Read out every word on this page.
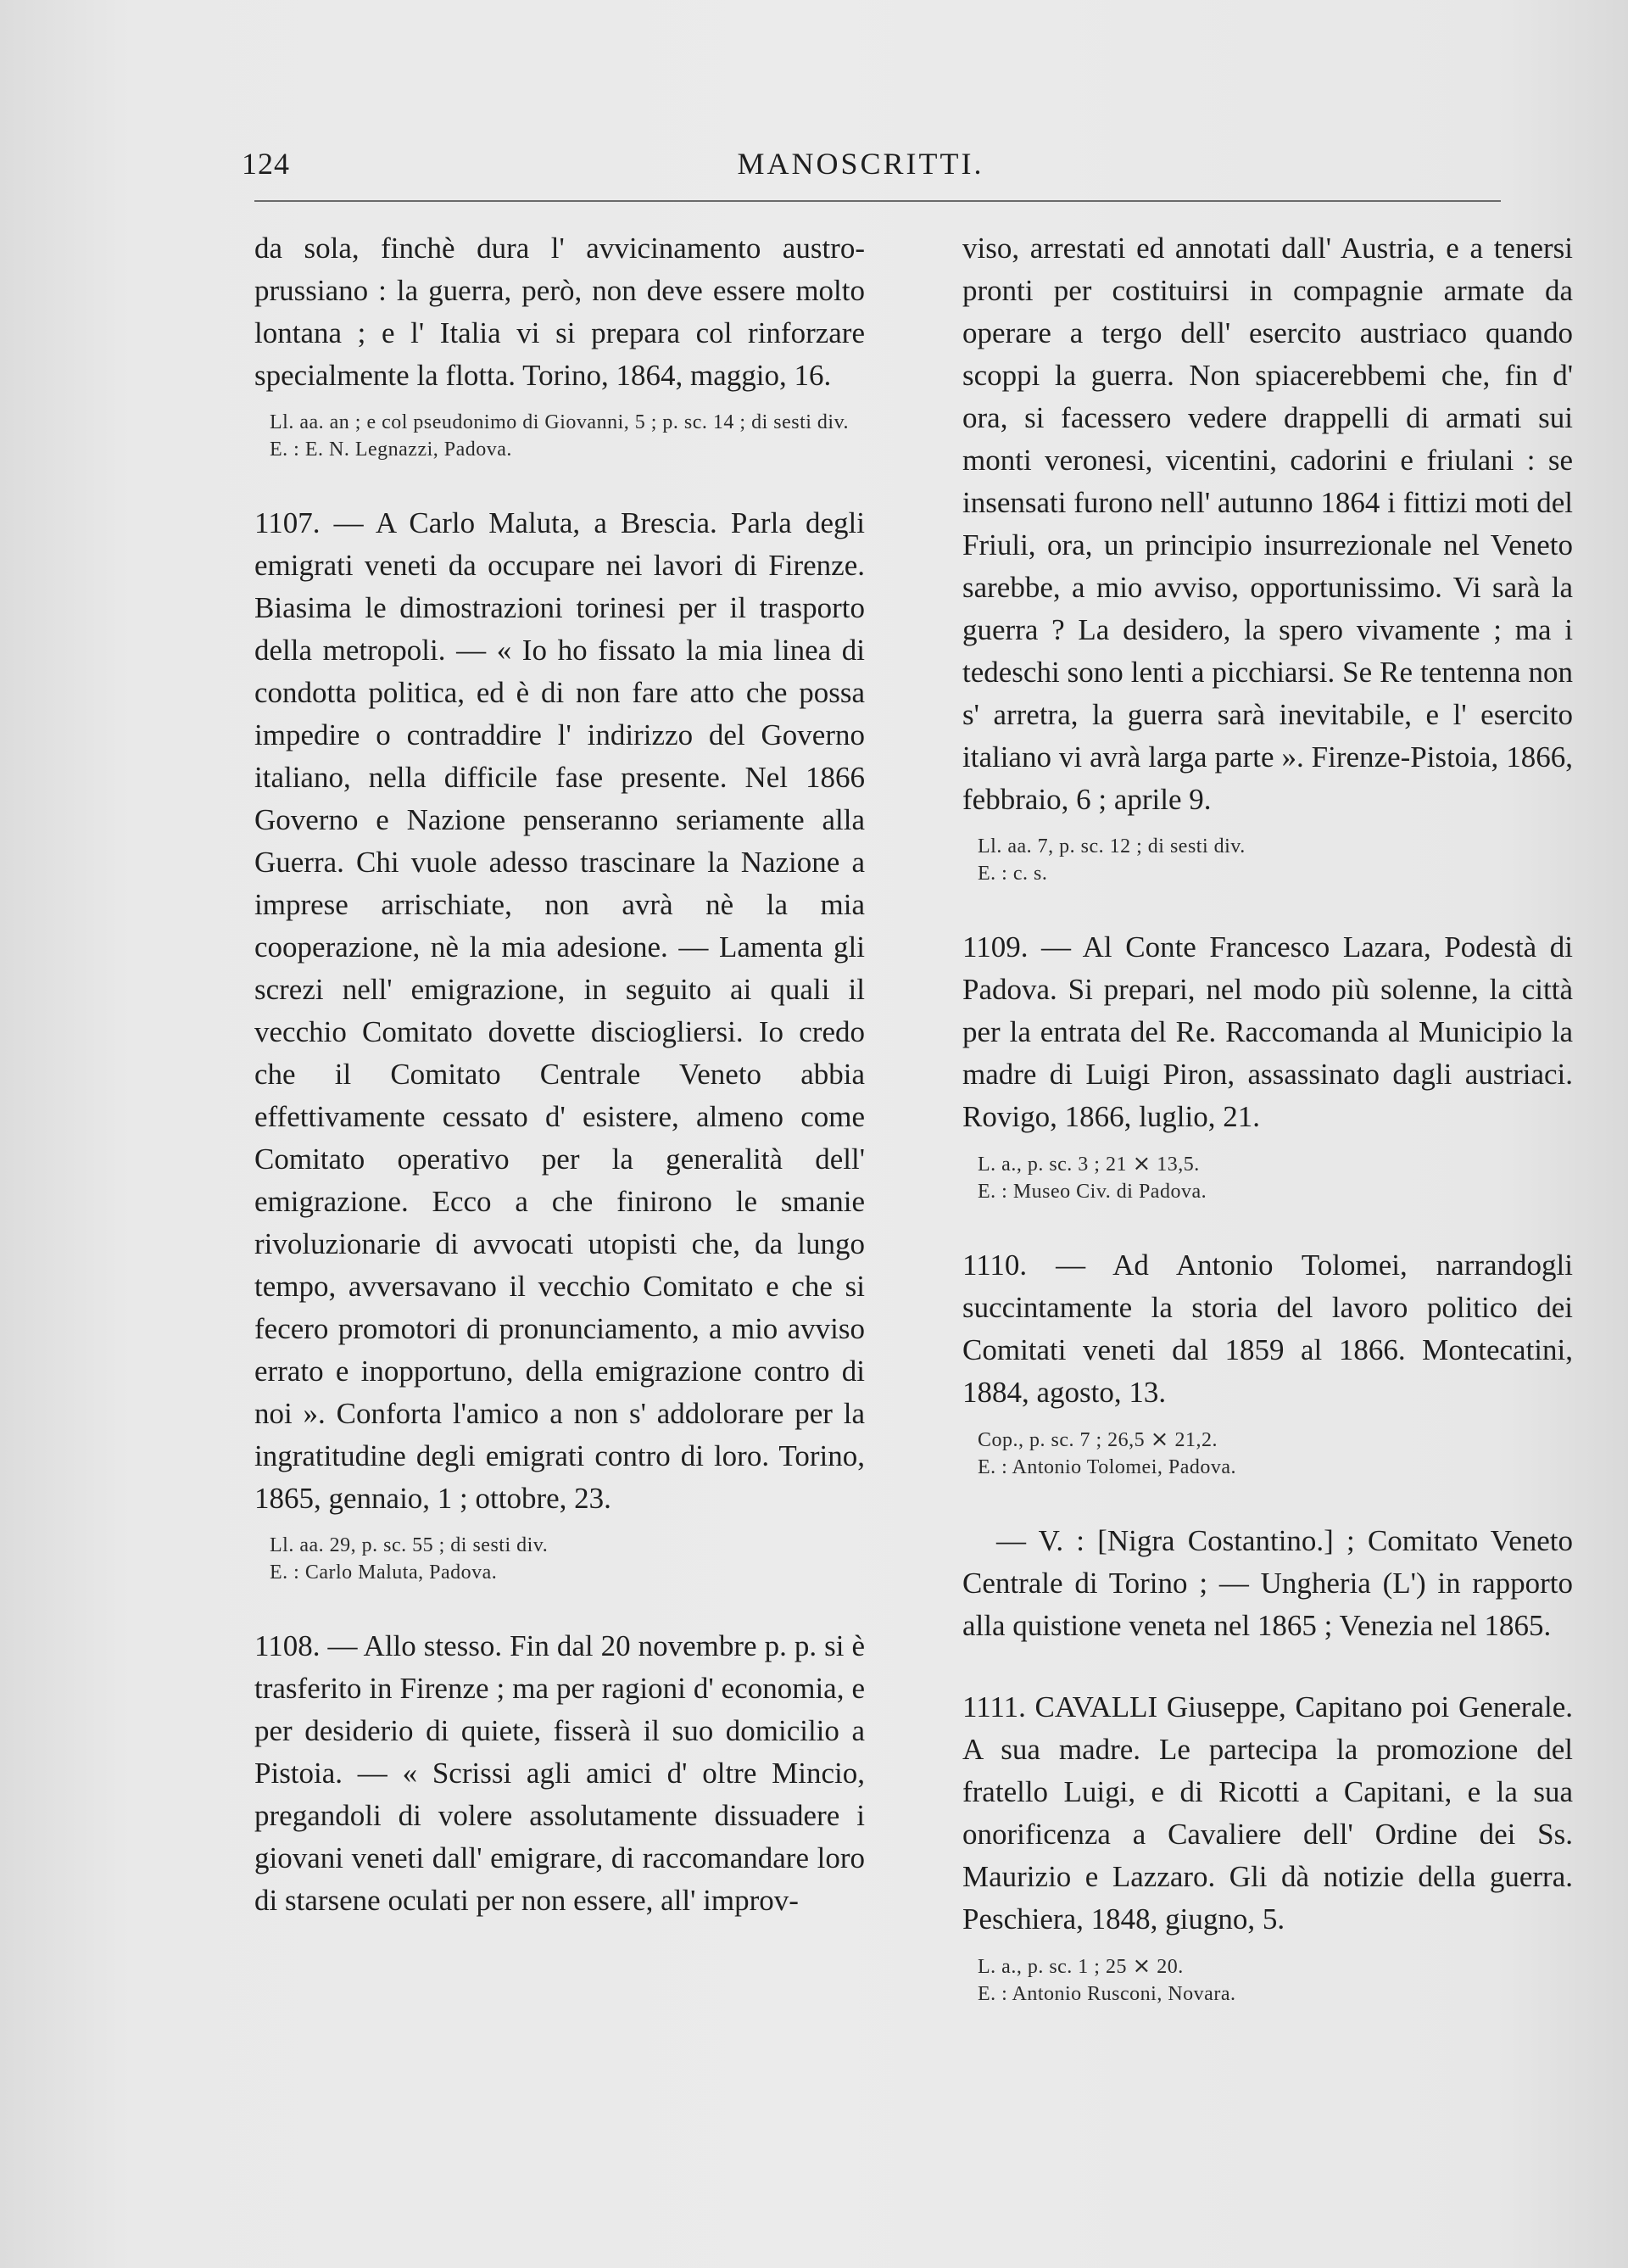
124	MANOSCRITTI.

da sola, finchè dura l' avvicinamento austro-prussiano : la guerra, però, non deve essere molto lontana ; e l' Italia vi si prepara col rinforzare specialmente la flotta. Torino, 1864, maggio, 16.

Ll. aa. an ; e col pseudonimo di Giovanni, 5 ; p. sc. 14 ; di sesti div.

E. : E. N. Legnazzi, Padova.

1107. — A Carlo Maluta, a Brescia. Parla degli emigrati veneti da occupare nei lavori di Firenze. Biasima le dimostrazioni torinesi per il trasporto della metropoli. — « Io ho fissato la mia linea di condotta politica, ed è di non fare atto che possa impedire o contraddire l' indirizzo del Governo italiano, nella difficile fase presente. Nel 1866 Governo e Nazione penseranno seriamente alla Guerra. Chi vuole adesso trascinare la Nazione a imprese arrischiate, non avrà nè la mia cooperazione, nè la mia adesione. — Lamenta gli screzi nell' emigrazione, in seguito ai quali il vecchio Comitato dovette disciogliersi. Io credo che il Comitato Centrale Veneto abbia effettivamente cessato d' esistere, almeno come Comitato operativo per la generalità dell' emigrazione. Ecco a che finirono le smanie rivoluzionarie di avvocati utopisti che, da lungo tempo, avversavano il vecchio Comitato e che si fecero promotori di pronunciamento, a mio avviso errato e inopportuno, della emigrazione contro di noi ». Conforta l'amico a non s' addolorare per la ingratitudine degli emigrati contro di loro. Torino, 1865, gennaio, 1 ; ottobre, 23.

Ll. aa. 29, p. sc. 55 ; di sesti div.

E. : Carlo Maluta, Padova.

1108. — Allo stesso. Fin dal 20 novembre p. p. si è trasferito in Firenze ; ma per ragioni d' economia, e per desiderio di quiete, fisserà il suo domicilio a Pistoia. — « Scrissi agli amici d' oltre Mincio, pregandoli di volere assolutamente dissuadere i giovani veneti dall' emigrare, di raccomandare loro di starsene oculati per non essere, all' improv-

viso, arrestati ed annotati dall' Austria, e a tenersi pronti per costituirsi in compagnie armate da operare a tergo dell' esercito austriaco quando scoppi la guerra. Non spiacerebbemi che, fin d' ora, si facessero vedere drappelli di armati sui monti veronesi, vicentini, cadorini e friulani : se insensati furono nell' autunno 1864 i fittizi moti del Friuli, ora, un principio insurrezionale nel Veneto sarebbe, a mio avviso, opportunissimo. Vi sarà la guerra ? La desidero, la spero vivamente ; ma i tedeschi sono lenti a picchiarsi. Se Re tentenna non s' arretra, la guerra sarà inevitabile, e l' esercito italiano vi avrà larga parte ». Firenze-Pistoia, 1866, febbraio, 6 ; aprile 9.

Ll. aa. 7, p. sc. 12 ; di sesti div.

E. : c. s.

1109. — Al Conte Francesco Lazara, Podestà di Padova. Si prepari, nel modo più solenne, la città per la entrata del Re. Raccomanda al Municipio la madre di Luigi Piron, assassinato dagli austriaci. Rovigo, 1866, luglio, 21.

L. a., p. sc. 3 ; 21 × 13,5.

E. : Museo Civ. di Padova.

1110. — Ad Antonio Tolomei, narrandogli succintamente la storia del lavoro politico dei Comitati veneti dal 1859 al 1866. Montecatini, 1884, agosto, 13.

Cop., p. sc. 7 ; 26,5 × 21,2.

E. : Antonio Tolomei, Padova.

— V. : [Nigra Costantino.] ; Comitato Veneto Centrale di Torino ; — Ungheria (L') in rapporto alla quistione veneta nel 1865 ; Venezia nel 1865.

1111. CAVALLI Giuseppe, Capitano poi Generale. A sua madre. Le partecipa la promozione del fratello Luigi, e di Ricotti a Capitani, e la sua onorificenza a Cavaliere dell' Ordine dei Ss. Maurizio e Lazzaro. Gli dà notizie della guerra. Peschiera, 1848, giugno, 5.

L. a., p. sc. 1 ; 25 × 20.

E. : Antonio Rusconi, Novara.
